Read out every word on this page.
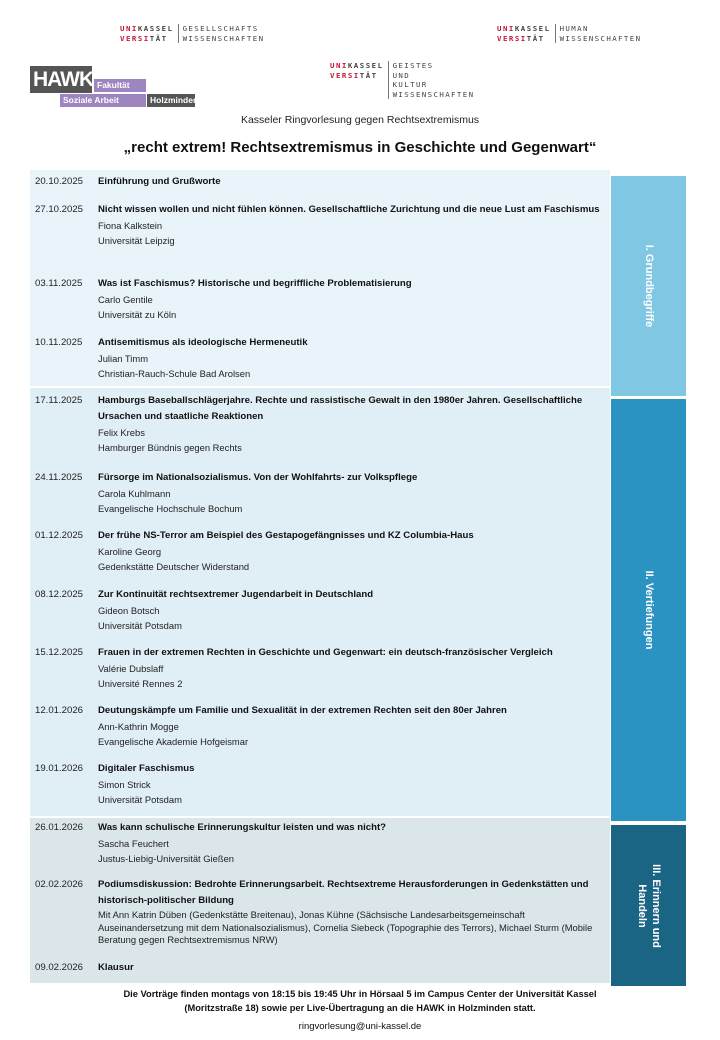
UNIKASSEL
VERSITÄT
GESELLSCHAFTS
WISSENSCHAFTEN
UNIKASSEL
VERSITÄT
HUMAN
WISSENSCHAFTEN
UNIKASSEL
VERSITÄT
GEISTES
UND
KULTUR
WISSENSCHAFTEN
HAWK Fakultät
Soziale Arbeit	Holzminden
Kasseler Ringvorlesung gegen Rechtsextremismus
„recht extrem! Rechtsextremismus in Geschichte und Gegenwart“
20.10.2025	Einführung und Grußworte
27.10.2025	Nicht wissen wollen und nicht fühlen können. Gesellschaftliche Zurichtung und die neue Lust am Faschismus
Fiona Kalkstein
Universität Leipzig
03.11.2025	Was ist Faschismus? Historische und begriffliche Problematisierung
Carlo Gentile
Universität zu Köln
10.11.2025	Antisemitismus als ideologische Hermeneutik
Julian Timm
Christian-Rauch-Schule Bad Arolsen
17.11.2025	Hamburgs Baseballschlägerjahre. Rechte und rassistische Gewalt in den 1980er Jahren. Gesellschaftliche Ursachen und staatliche Reaktionen
Felix Krebs
Hamburger Bündnis gegen Rechts
24.11.2025	Fürsorge im Nationalsozialismus. Von der Wohlfahrts- zur Volkspflege
Carola Kuhlmann
Evangelische Hochschule Bochum
01.12.2025	Der frühe NS-Terror am Beispiel des Gestapogefängnisses und KZ Columbia-Haus
Karoline Georg
Gedenkstätte Deutscher Widerstand
08.12.2025	Zur Kontinuität rechtsextremer Jugendarbeit in Deutschland
Gideon Botsch
Universität Potsdam
15.12.2025	Frauen in der extremen Rechten in Geschichte und Gegenwart: ein deutsch-französischer Vergleich
Valérie Dubslaff
Université Rennes 2
12.01.2026	Deutungskämpfe um Familie und Sexualität in der extremen Rechten seit den 80er Jahren
Ann-Kathrin Mogge
Evangelische Akademie Hofgeismar
19.01.2026	Digitaler Faschismus
Simon Strick
Universität Potsdam
26.01.2026	Was kann schulische Erinnerungskultur leisten und was nicht?
Sascha Feuchert
Justus-Liebig-Universität Gießen
02.02.2026	Podiumsdiskussion: Bedrohte Erinnerungsarbeit. Rechtsextreme Herausforderungen in Gedenkstätten und historisch-politischer Bildung
Mit Ann Katrin Düben (Gedenkstätte Breitenau), Jonas Kühne (Sächsische Landesarbeitsgemeinschaft Auseinandersetzung mit dem Nationalsozialismus), Cornelia Siebeck (Topographie des Terrors), Michael Sturm (Mobile Beratung gegen Rechtsextremismus NRW)
09.02.2026	Klausur
I. Grundbegriffe
II. Vertiefungen
III. Erinnern und
Handeln
Die Vorträge finden montags von 18:15 bis 19:45 Uhr in Hörsaal 5 im Campus Center der Universität Kassel
(Moritzstraße 18) sowie per Live-Übertragung an die HAWK in Holzminden statt.
ringvorlesung@uni-kassel.de
